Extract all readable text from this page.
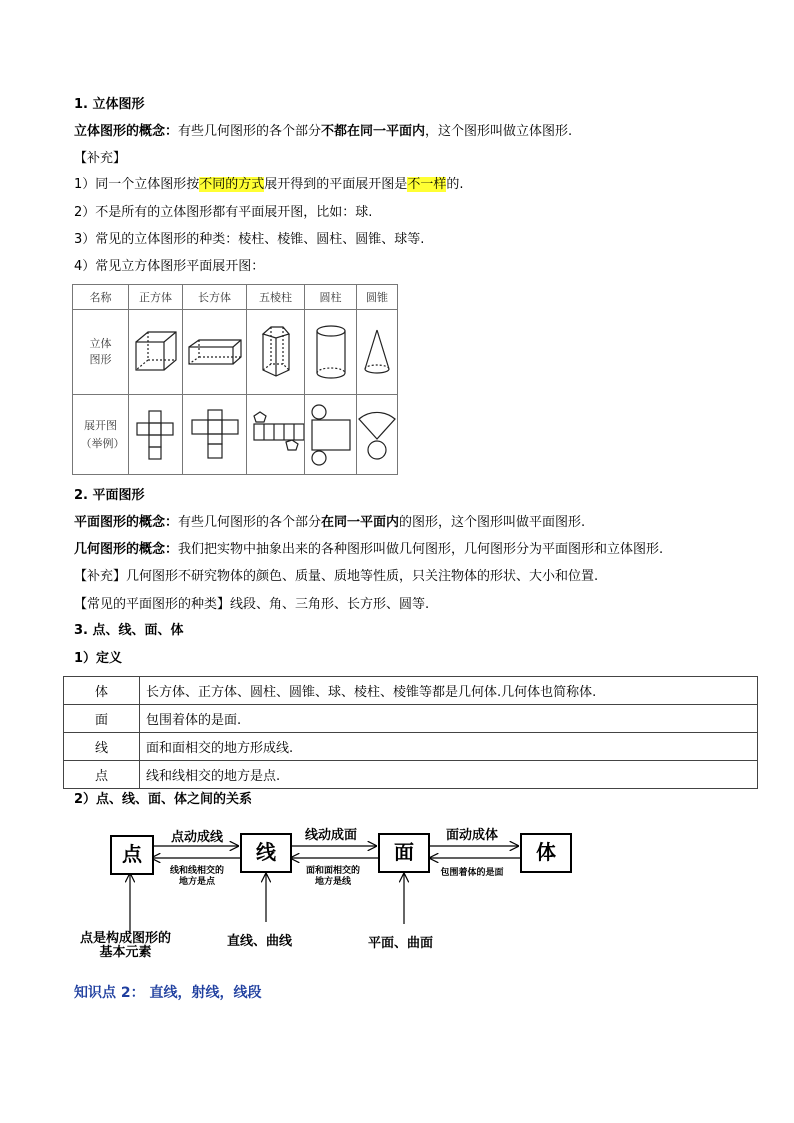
1. 立体图形
立体图形的概念：有些几何图形的各个部分不都在同一平面内，这个图形叫做立体图形.
【补充】
1）同一个立体图形按不同的方式展开得到的平面展开图是不一样的.
2）不是所有的立体图形都有平面展开图，比如：球.
3）常见的立体图形的种类：棱柱、棱锥、圆柱、圆锥、球等.
4）常见立方体图形平面展开图：
名称	正方体	长方体	五棱柱	圆柱	圆锥

立体图形

展开图（举例）

2. 平面图形
平面图形的概念：有些几何图形的各个部分在同一平面内的图形，这个图形叫做平面图形.
几何图形的概念：我们把实物中抽象出来的各种图形叫做几何图形，几何图形分为平面图形和立体图形.
【补充】几何图形不研究物体的颜色、质量、质地等性质，只关注物体的形状、大小和位置.
【常见的平面图形的种类】线段、角、三角形、长方形、圆等.
3. 点、线、面、体
1）定义
体	长方体、正方体、圆柱、圆锥、球、棱柱、棱锥等都是几何体.几何体也简称体.
面	包围着体的是面.
线	面和面相交的地方形成线.
点	线和线相交的地方是点.
2）点、线、面、体之间的关系
点	线	面	体
点动成线	线动成面	面动成体
线和线相交的
地方是点
面和面相交的
地方是线
包围着体的是面
点是构成图形的
基本元素
直线、曲线	平面、曲面
知识点 2： 直线，射线，线段
